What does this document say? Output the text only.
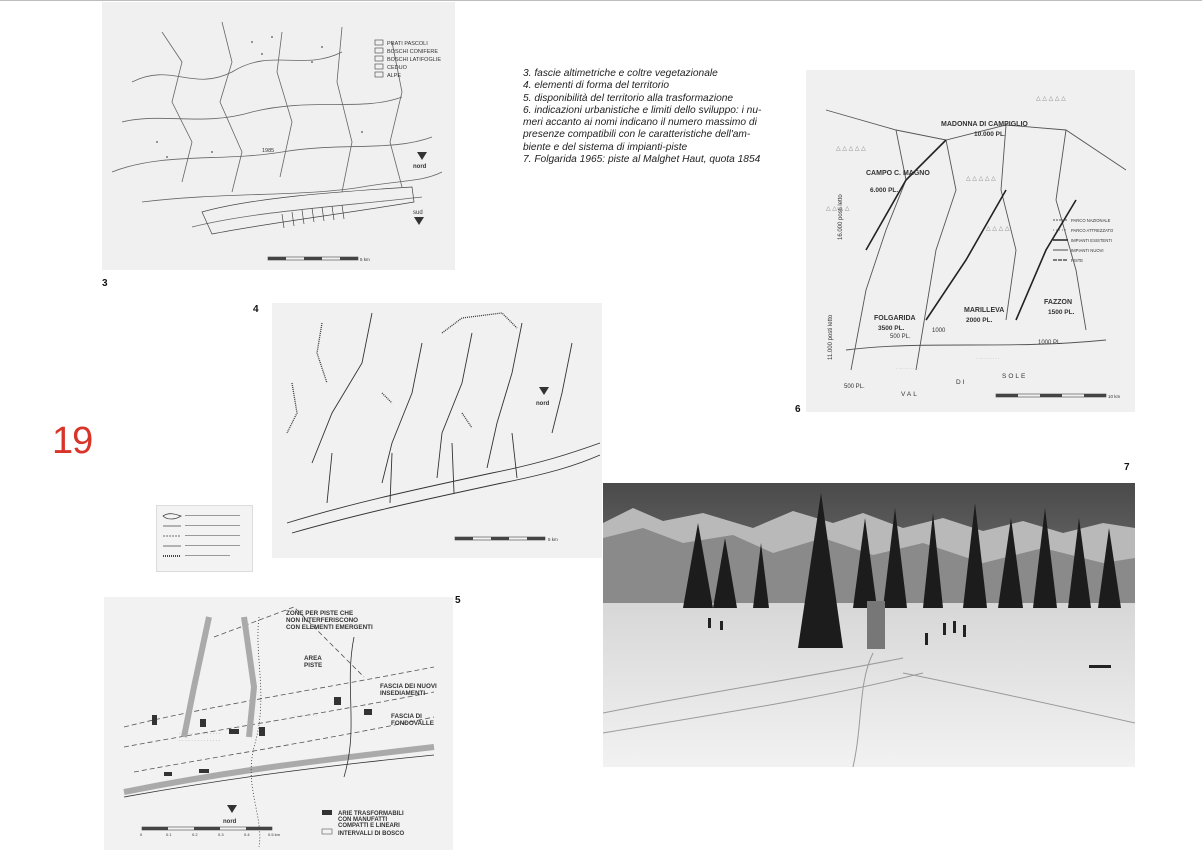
19
PRATI PASCOLI
BOSCHI CONIFERE
BOSCHI LATIFOGLIE
CEDUO
ALPE
1985
nord
sud
5 km
3
3. fascie altimetriche e coltre vegetazionale
4. elementi di forma del territorio
5. disponibilità del territorio alla trasformazione
6. indicazioni urbanistiche e limiti dello sviluppo: i nu-
meri accanto ai nomi indicano il numero massimo di
presenze compatibili con le caratteristiche dell'am-
biente e del sistema di impianti-piste
7. Folgarida 1965: piste al Malghet Haut, quota 1854
△ △ △ △ △
△ △ △ △ △
△ △ △ △
△ △ △ △
△ △ △ △ △
· · · · · · · · · ·
· · · · · · · · · ·
MADONNA DI CAMPIGLIO
10.000 PL.
CAMPO C. MAGNO
6.000 PL.
FOLGARIDA
3500 PL.
MARILLEVA
2000 PL.
FAZZON
1500 PL.
500 PL.
1000
1000 PL.
500 PL.
16.000 posti letto
11.000 posti letto
VAL
DI
SOLE
PARCO NAZIONALE
PARCO ATTREZZATO
IMPIANTI ESISTENTI
IMPIANTI NUOVI
PISTE
10 km
6
4
nord
5 km
5
· · · · · · · · · · · · · ·
· · · · · · · · · · · · · ·
· · · · · · · ·
ZONE PER PISTE CHE
NON INTERFERISCONO
CON ELEMENTI EMERGENTI
AREA
PISTE
FASCIA DEI NUOVI
INSEDIAMENTI
FASCIA DI
FONDOVALLE
ARIE TRASFORMABILI
CON MANUFATTI
COMPATTI E LINEARI
INTERVALLI DI BOSCO
nord
0	0.1	0.2	0.3	0.4	0.5 km
7
